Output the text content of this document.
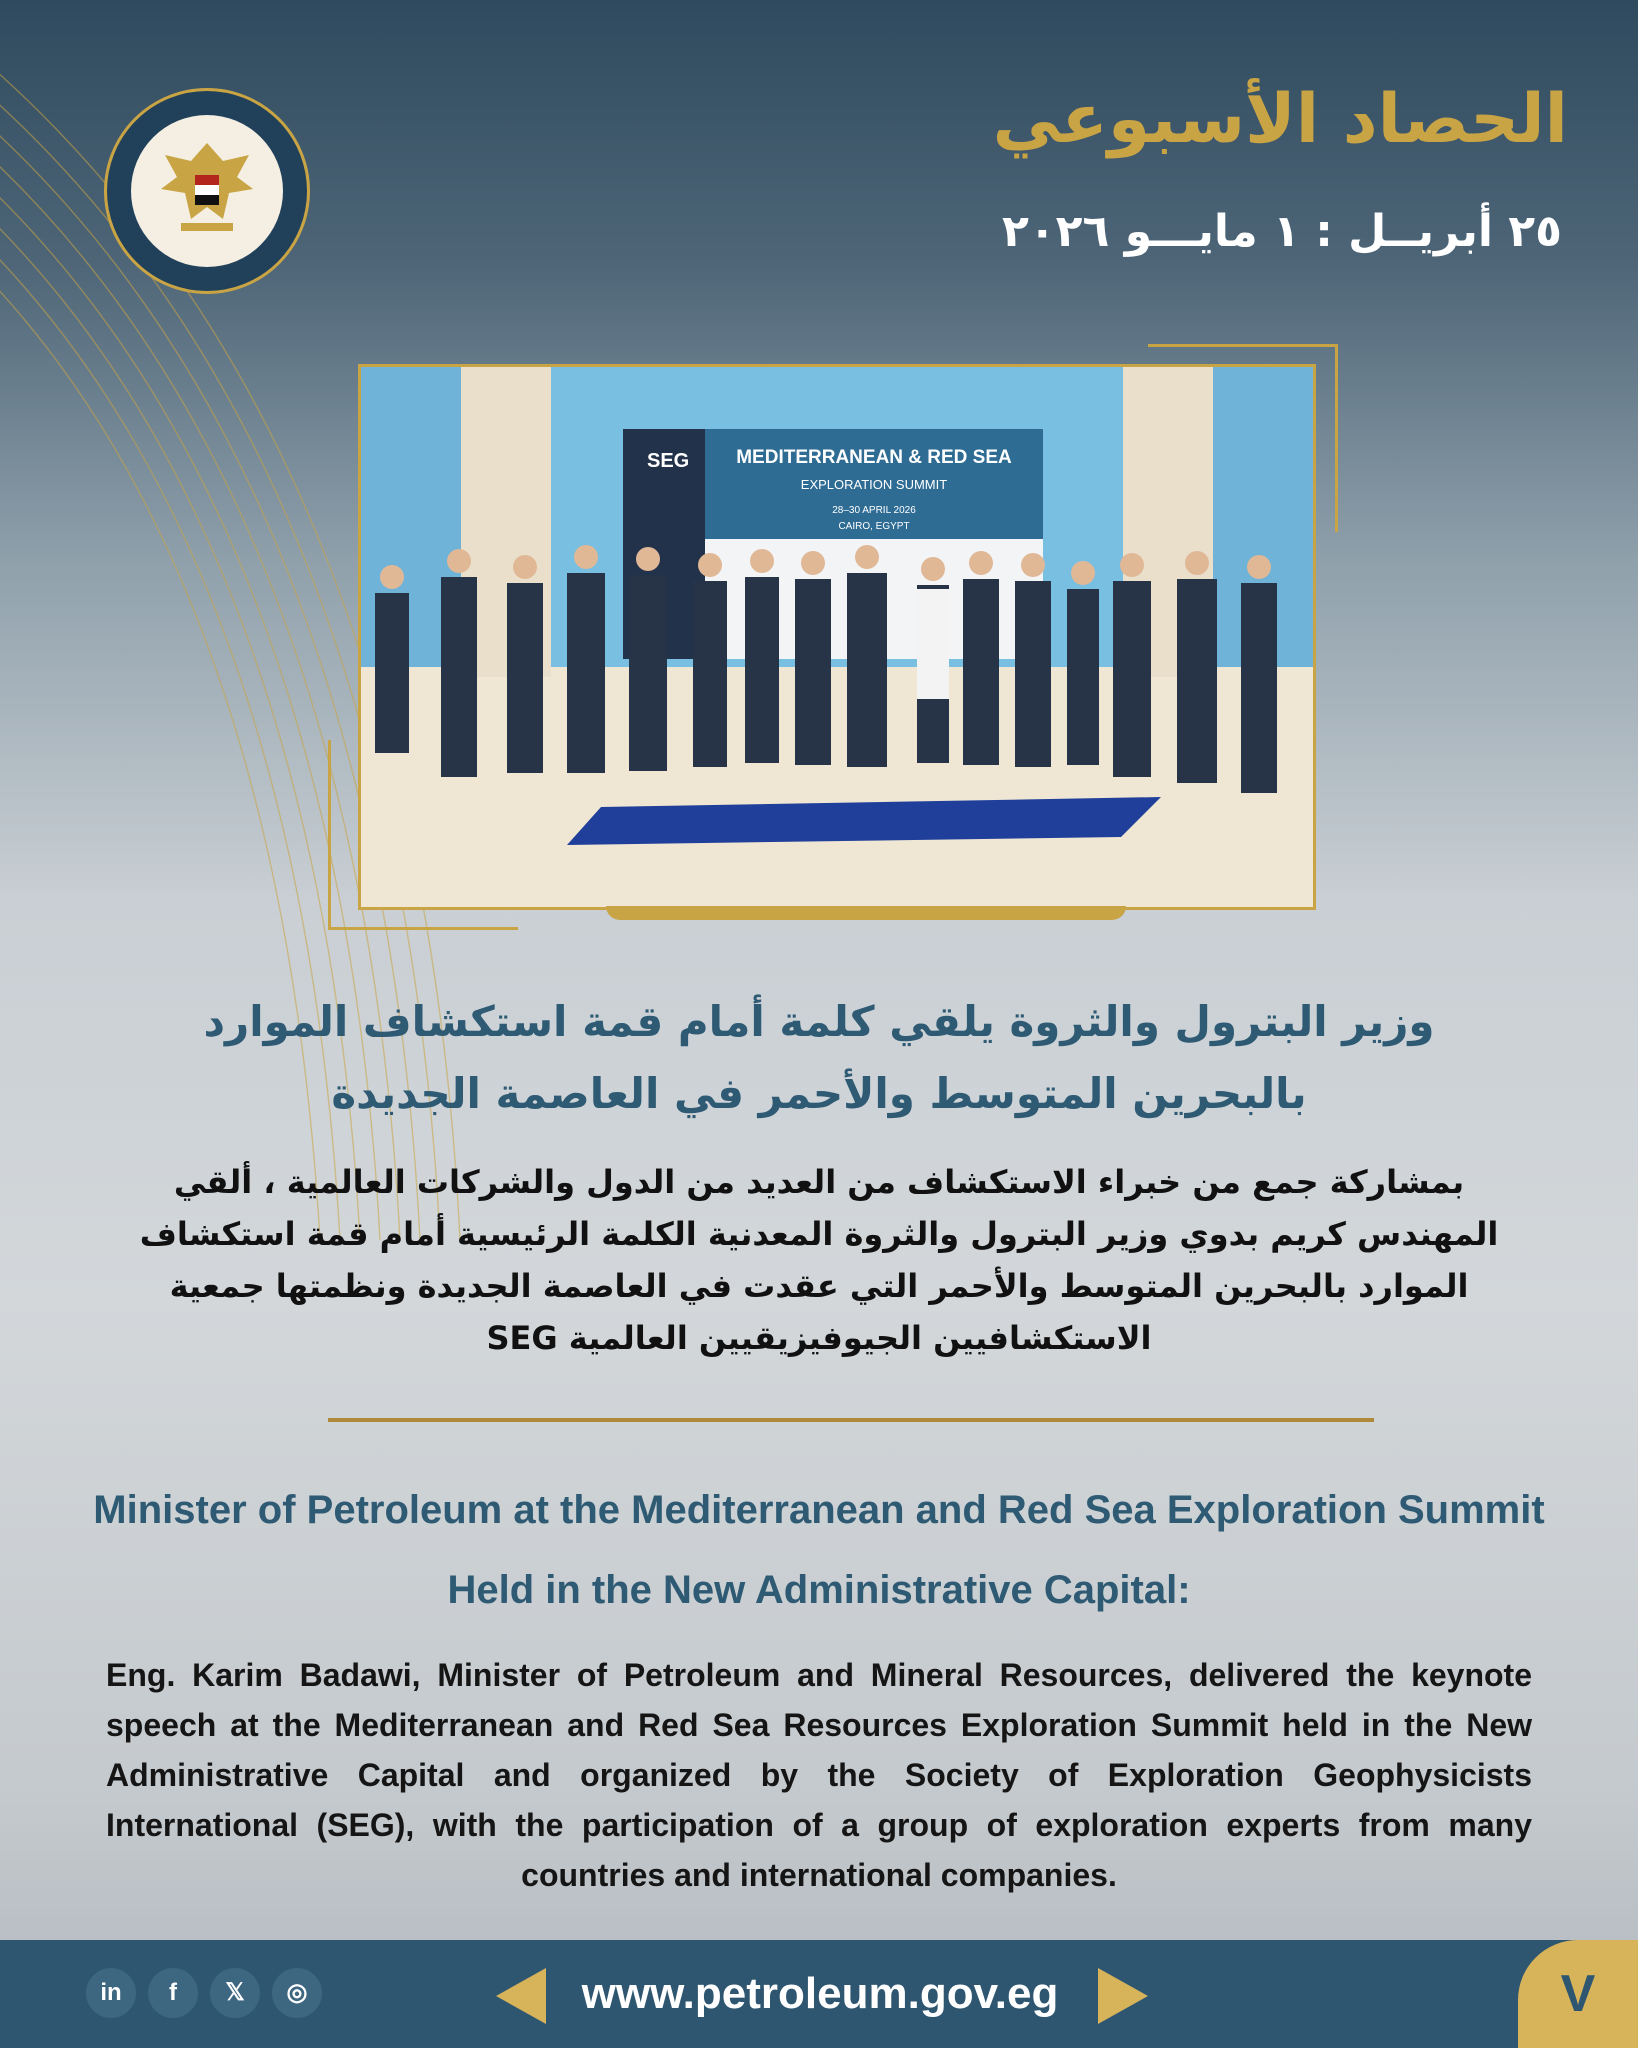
الحصاد الأسبوعي
٢٥ أبريــل : ١ مايـــو ٢٠٢٦
SEG MEDITERRANEAN & RED SEA
EXPLORATION SUMMIT
28–30 APRIL 2026
CAIRO, EGYPT
وزير البترول والثروة يلقي كلمة أمام قمة استكشاف الموارد
بالبحرين المتوسط والأحمر في العاصمة الجديدة
بمشاركة جمع من خبراء الاستكشاف من العديد من الدول والشركات العالمية ، ألقي المهندس كريم بدوي وزير البترول والثروة المعدنية الكلمة الرئيسية أمام قمة استكشاف الموارد بالبحرين المتوسط والأحمر التي عقدت في العاصمة الجديدة ونظمتها جمعية الاستكشافيين الجيوفيزيقيين العالمية SEG
Minister of Petroleum at the Mediterranean and Red Sea Exploration Summit
Held in the New Administrative Capital:
Eng. Karim Badawi, Minister of Petroleum and Mineral Resources, delivered the keynote speech at the Mediterranean and Red Sea Resources Exploration Summit held in the New Administrative Capital and organized by the Society of Exploration Geophysicists International (SEG), with the participation of a group of exploration experts from many countries and international companies.
in	f	𝕏	◎	www.petroleum.gov.eg	V
